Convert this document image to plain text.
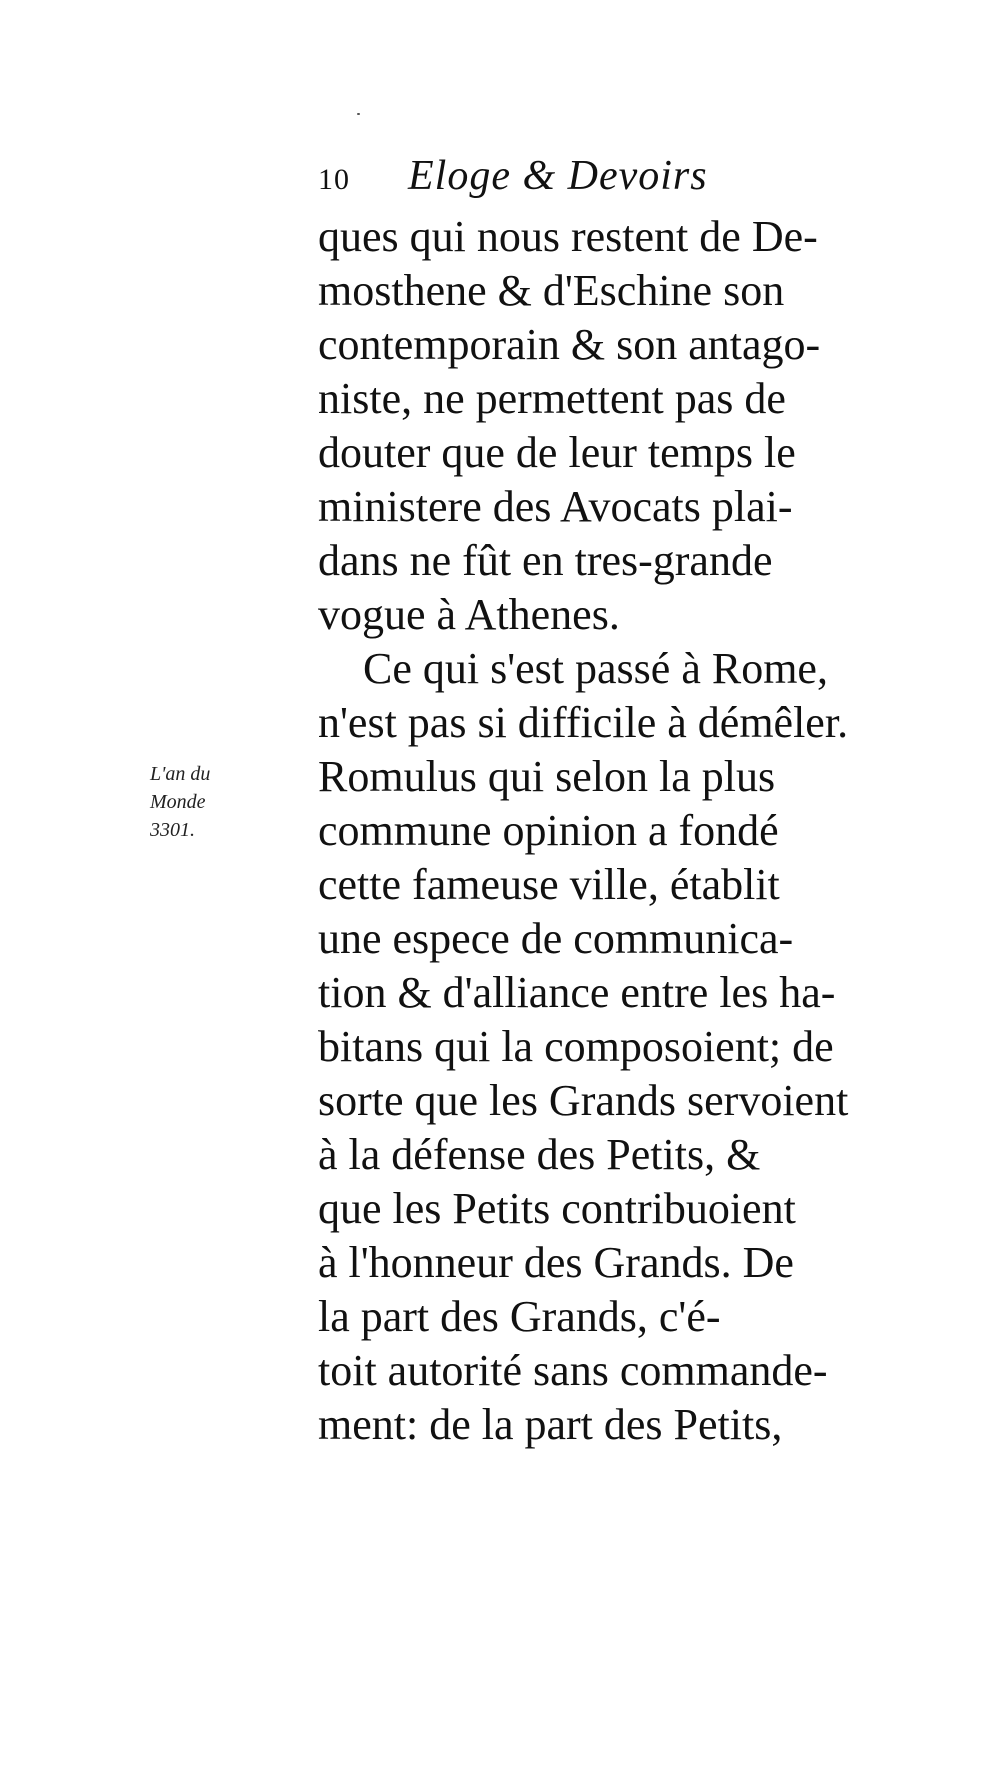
10 Eloge & Devoirs
L'an du
Monde
3301.
ques qui nous restent de De-
mosthene & d'Eschine son
contemporain & son antago-
niste, ne permettent pas de
douter que de leur temps le
ministere des Avocats plai-
dans ne fût en tres-grande
vogue à Athenes.
Ce qui s'est passé à Rome,
n'est pas si difficile à démêler.
Romulus qui selon la plus
commune opinion a fondé
cette fameuse ville, établit
une espece de communica-
tion & d'alliance entre les ha-
bitans qui la composoient; de
sorte que les Grands servoient
à la défense des Petits, &
que les Petits contribuoient
à l'honneur des Grands. De
la part des Grands, c'é-
toit autorité sans commande-
ment: de la part des Petits,
